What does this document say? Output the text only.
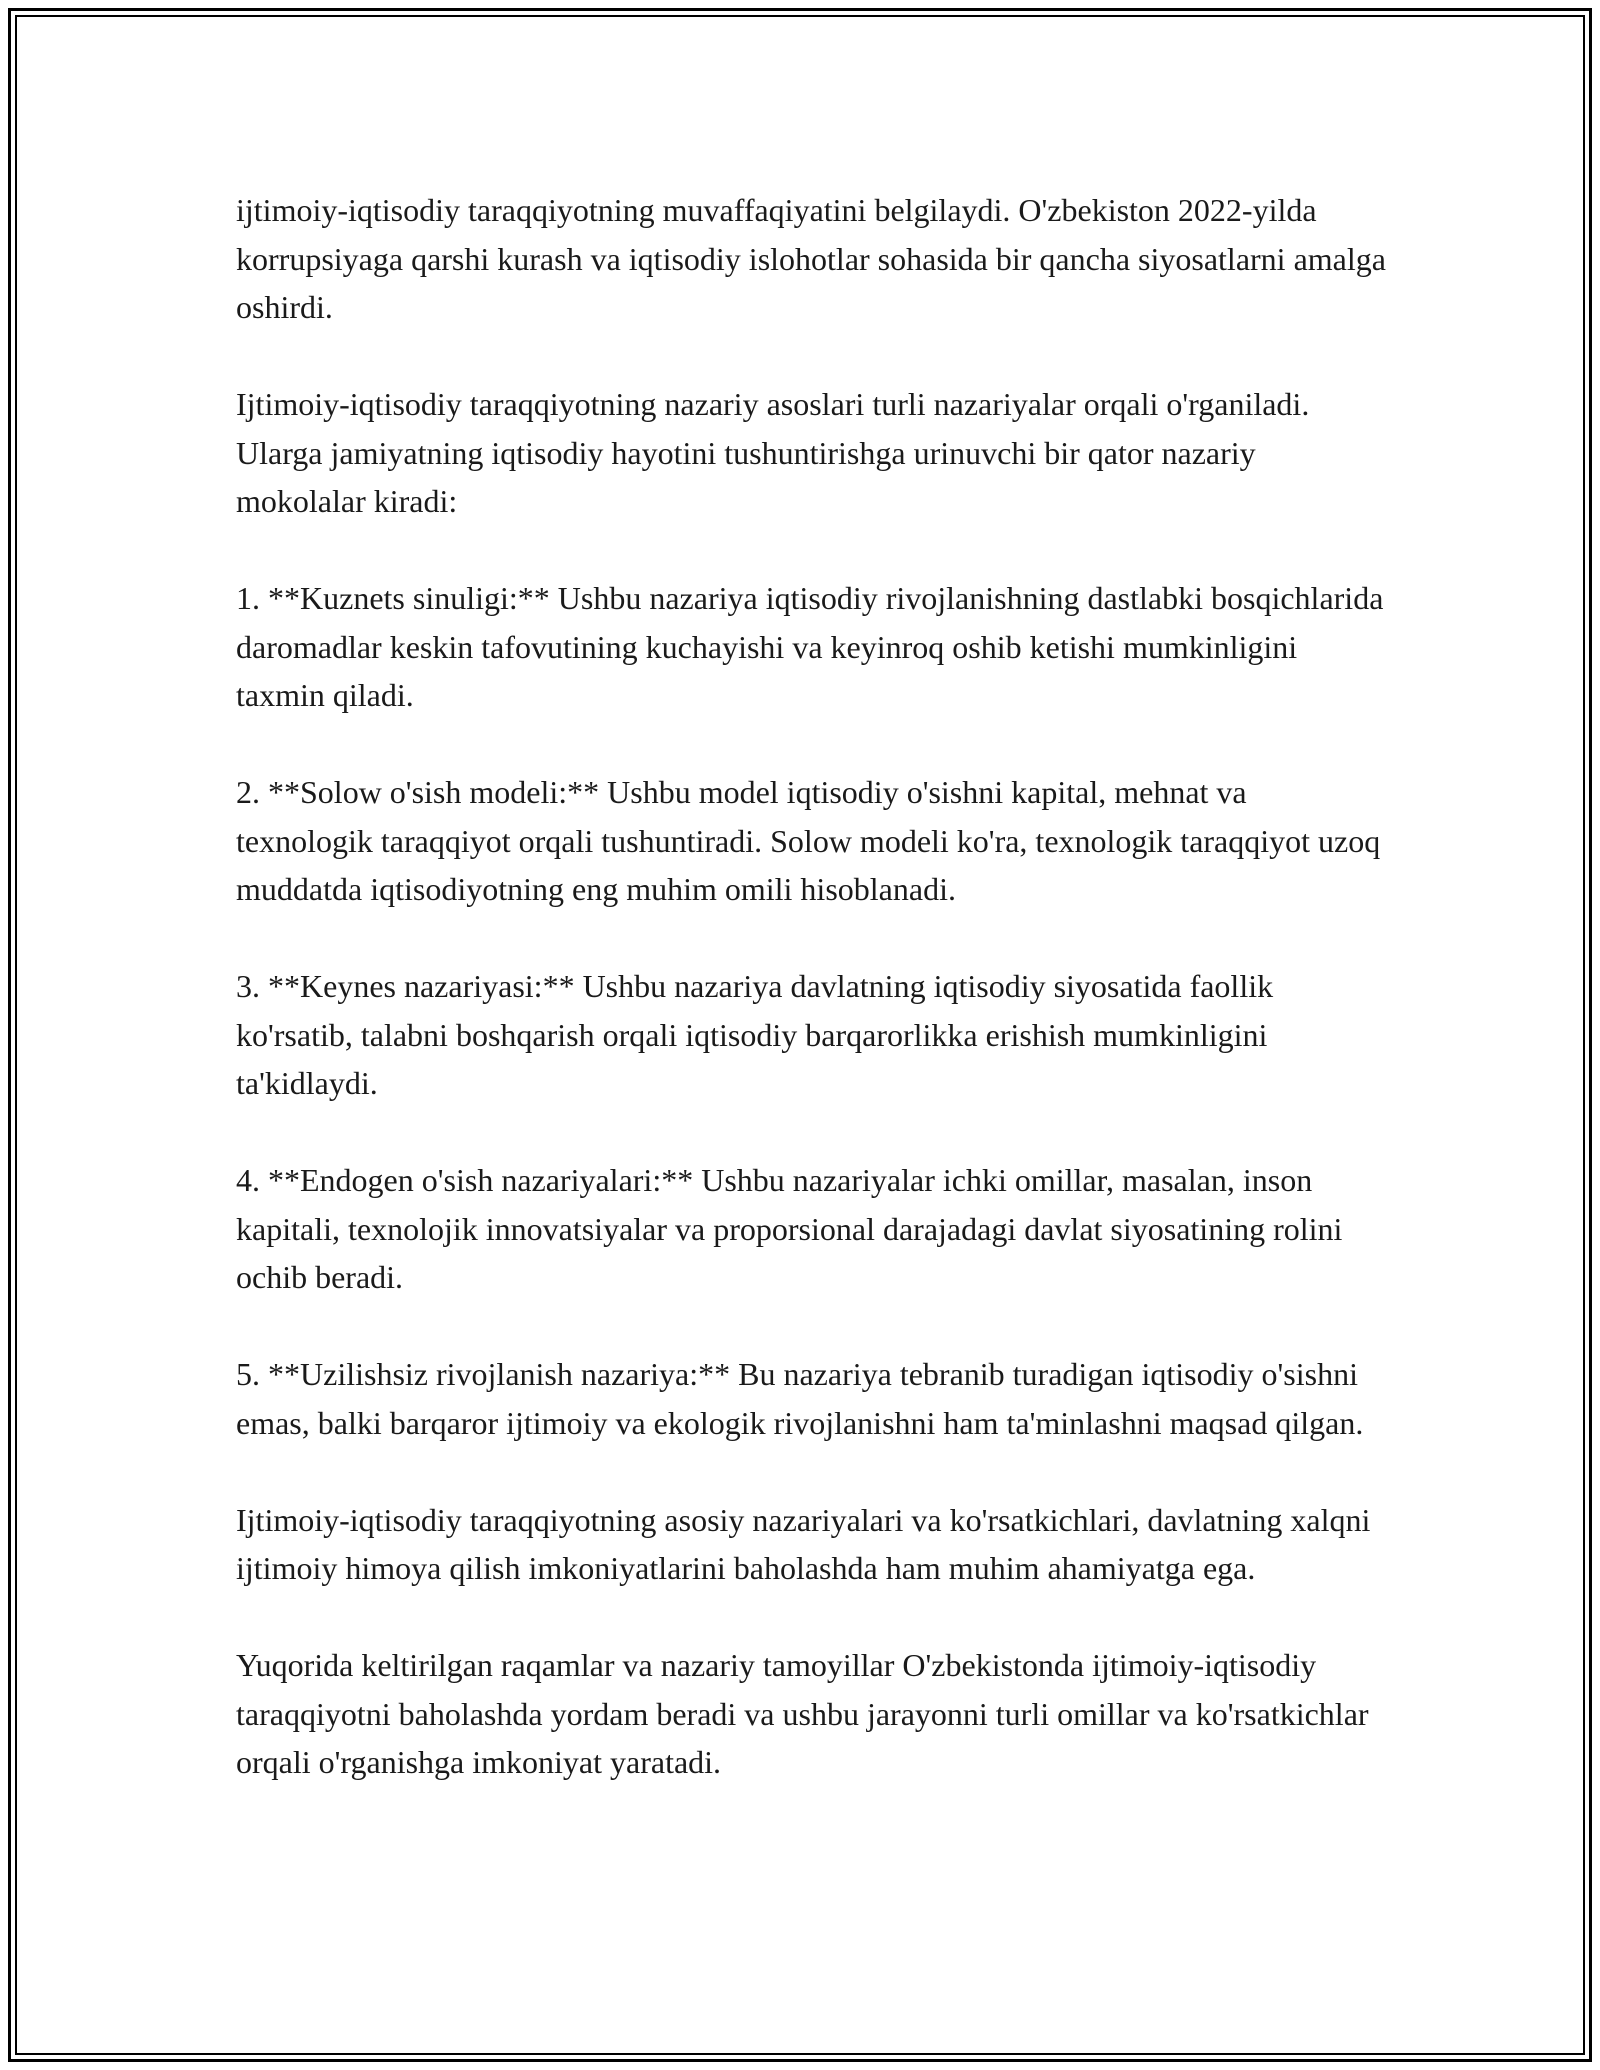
ijtimoiy-iqtisodiy taraqqiyotning muvaffaqiyatini belgilaydi. O'zbekiston 2022-yilda korrupsiyaga qarshi kurash va iqtisodiy islohotlar sohasida bir qancha siyosatlarni amalga oshirdi.

Ijtimoiy-iqtisodiy taraqqiyotning nazariy asoslari turli nazariyalar orqali o'rganiladi. Ularga jamiyatning iqtisodiy hayotini tushuntirishga urinuvchi bir qator nazariy mokolalar kiradi:

1. **Kuznets sinuligi:** Ushbu nazariya iqtisodiy rivojlanishning dastlabki bosqichlarida daromadlar keskin tafovutining kuchayishi va keyinroq oshib ketishi mumkinligini taxmin qiladi.

2. **Solow o'sish modeli:** Ushbu model iqtisodiy o'sishni kapital, mehnat va texnologik taraqqiyot orqali tushuntiradi. Solow modeli ko'ra, texnologik taraqqiyot uzoq muddatda iqtisodiyotning eng muhim omili hisoblanadi.

3. **Keynes nazariyasi:** Ushbu nazariya davlatning iqtisodiy siyosatida faollik ko'rsatib, talabni boshqarish orqali iqtisodiy barqarorlikka erishish mumkinligini ta'kidlaydi.

4. **Endogen o'sish nazariyalari:** Ushbu nazariyalar ichki omillar, masalan, inson kapitali, texnolojik innovatsiyalar va proporsional darajadagi davlat siyosatining rolini ochib beradi.

5. **Uzilishsiz rivojlanish nazariya:** Bu nazariya tebranib turadigan iqtisodiy o'sishni emas, balki barqaror ijtimoiy va ekologik rivojlanishni ham ta'minlashni maqsad qilgan.

Ijtimoiy-iqtisodiy taraqqiyotning asosiy nazariyalari va ko'rsatkichlari, davlatning xalqni ijtimoiy himoya qilish imkoniyatlarini baholashda ham muhim ahamiyatga ega.

Yuqorida keltirilgan raqamlar va nazariy tamoyillar O'zbekistonda ijtimoiy-iqtisodiy taraqqiyotni baholashda yordam beradi va ushbu jarayonni turli omillar va ko'rsatkichlar orqali o'rganishga imkoniyat yaratadi.
